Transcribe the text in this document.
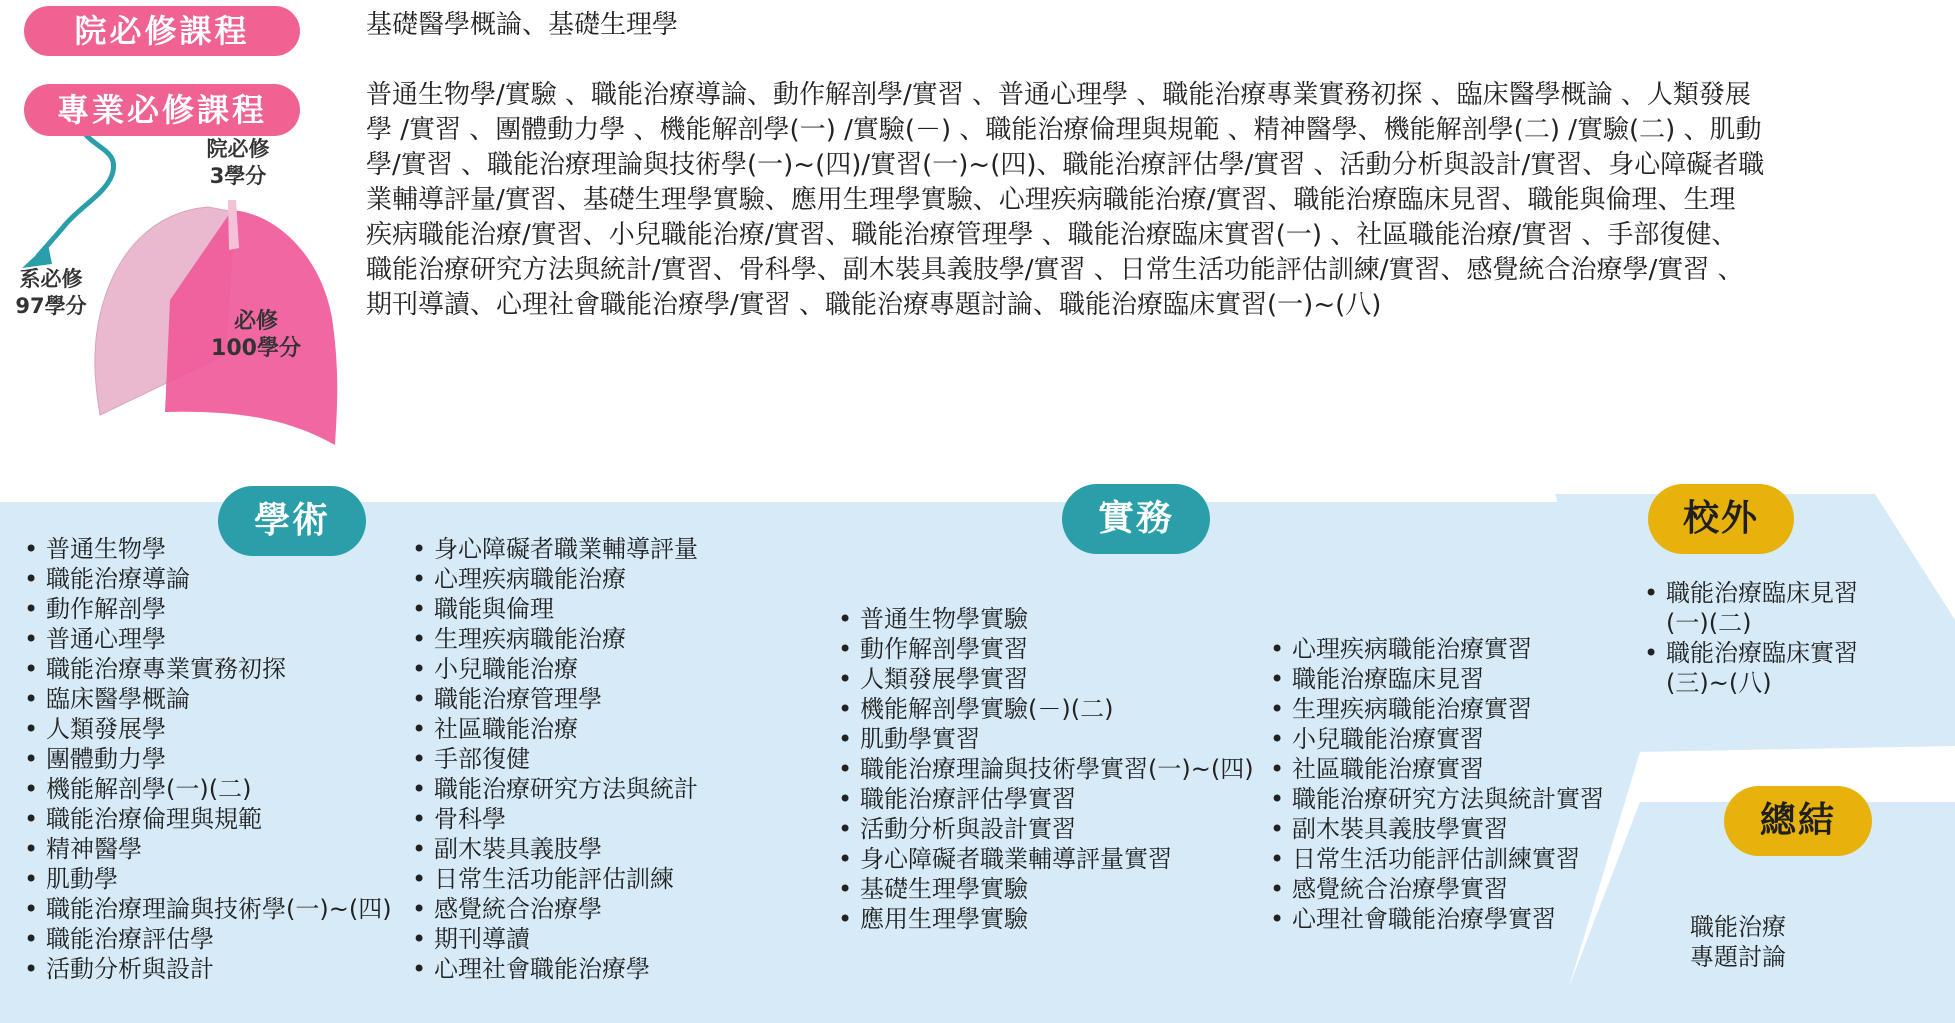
院必修課程
專業必修課程
基礎醫學概論、基礎生理學
普通生物學/實驗 、職能治療導論、動作解剖學/實習 、普通心理學 、職能治療專業實務初探 、臨床醫學概論 、人類發展
學 /實習 、團體動力學 、機能解剖學(一) /實驗(－) 、職能治療倫理與規範 、精神醫學、機能解剖學(二) /實驗(二) 、肌動
學/實習 、職能治療理論與技術學(一)~(四)/實習(一)~(四)、職能治療評估學/實習 、活動分析與設計/實習、身心障礙者職
業輔導評量/實習、基礎生理學實驗、應用生理學實驗、心理疾病職能治療/實習、職能治療臨床見習、職能與倫理、生理
疾病職能治療/實習、小兒職能治療/實習、職能治療管理學 、職能治療臨床實習(一) 、社區職能治療/實習 、手部復健、
職能治療研究方法與統計/實習、骨科學、副木裝具義肢學/實習 、日常生活功能評估訓練/實習、感覺統合治療學/實習 、
期刊導讀、心理社會職能治療學/實習 、職能治療專題討論、職能治療臨床實習(一)~(八)
院必修
3學分
系必修
97學分
必修
100學分
學術	實務	校外
總結
• 普通生物學
• 職能治療導論
• 動作解剖學
• 普通心理學
• 職能治療專業實務初探
• 臨床醫學概論
• 人類發展學
• 團體動力學
• 機能解剖學(一)(二)
• 職能治療倫理與規範
• 精神醫學
• 肌動學
• 職能治療理論與技術學(一)~(四)
• 職能治療評估學
• 活動分析與設計
• 身心障礙者職業輔導評量
• 心理疾病職能治療
• 職能與倫理
• 生理疾病職能治療
• 小兒職能治療
• 職能治療管理學
• 社區職能治療
• 手部復健
• 職能治療研究方法與統計
• 骨科學
• 副木裝具義肢學
• 日常生活功能評估訓練
• 感覺統合治療學
• 期刊導讀
• 心理社會職能治療學
• 普通生物學實驗
• 動作解剖學實習
• 人類發展學實習
• 機能解剖學實驗(－)(二)
• 肌動學實習
• 職能治療理論與技術學實習(一)~(四)
• 職能治療評估學實習
• 活動分析與設計實習
• 身心障礙者職業輔導評量實習
• 基礎生理學實驗
• 應用生理學實驗
• 心理疾病職能治療實習
• 職能治療臨床見習
• 生理疾病職能治療實習
• 小兒職能治療實習
• 社區職能治療實習
• 職能治療研究方法與統計實習
• 副木裝具義肢學實習
• 日常生活功能評估訓練實習
• 感覺統合治療學實習
• 心理社會職能治療學實習
• 職能治療臨床見習
(一)(二)
• 職能治療臨床實習
(三)~(八)
職能治療
專題討論
